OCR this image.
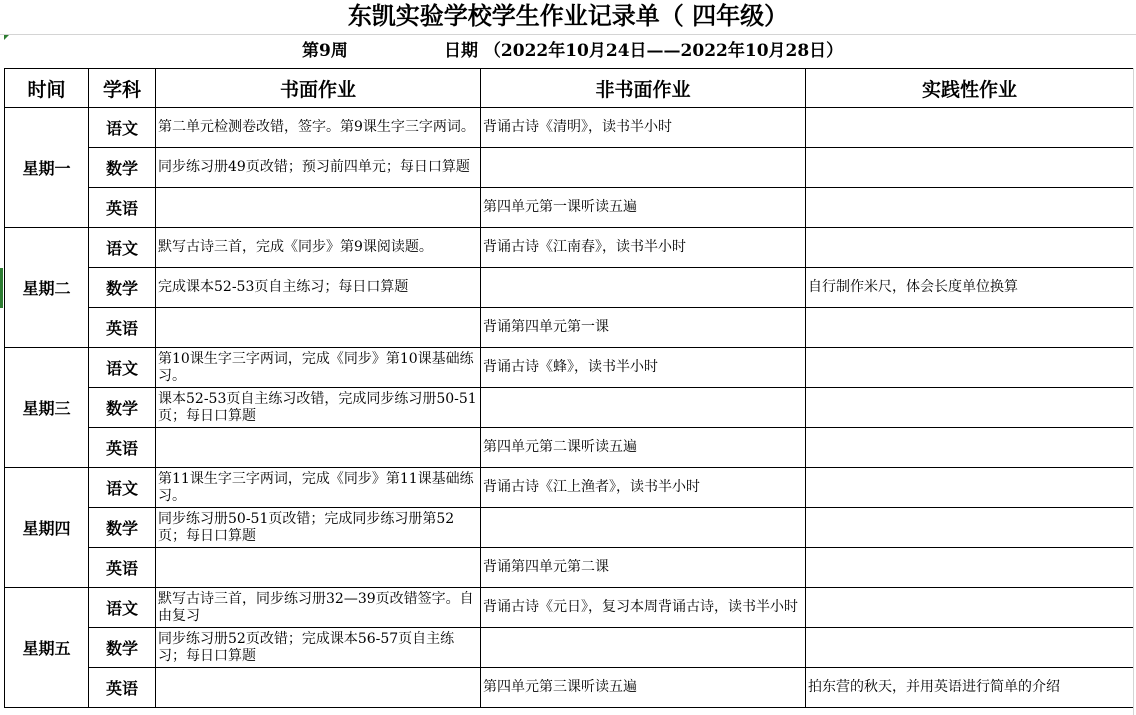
东凯实验学校学生作业记录单（ 四年级）
第9周	日期 （2022年10月24日——2022年10月28日）
时间	学科	书面作业	非书面作业	实践性作业
星期一	语文	第二单元检测卷改错，签字。第9课生字三字两词。	背诵古诗《清明》，读书半小时	

	数学	同步练习册49页改错；预习前四单元；每日口算题		

	英语		第四单元第一课听读五遍	

星期二	语文	默写古诗三首，完成《同步》第9课阅读题。	背诵古诗《江南春》，读书半小时	

	数学	完成课本52-53页自主练习；每日口算题		自行制作米尺，体会长度单位换算

	英语		背诵第四单元第一课	

星期三	语文	第10课生字三字两词，完成《同步》第10课基础练习。	背诵古诗《蜂》，读书半小时	

	数学	课本52-53页自主练习改错，完成同步练习册50-51页；每日口算题		

	英语		第四单元第二课听读五遍	

星期四	语文	第11课生字三字两词，完成《同步》第11课基础练习。	背诵古诗《江上渔者》，读书半小时	

	数学	同步练习册50-51页改错；完成同步练习册第52页；每日口算题		

	英语		背诵第四单元第二课	

星期五	语文	默写古诗三首，同步练习册32—39页改错签字。自由复习	背诵古诗《元日》，复习本周背诵古诗，读书半小时	

	数学	同步练习册52页改错；完成课本56-57页自主练习；每日口算题		

	英语		第四单元第三课听读五遍	拍东营的秋天，并用英语进行简单的介绍
